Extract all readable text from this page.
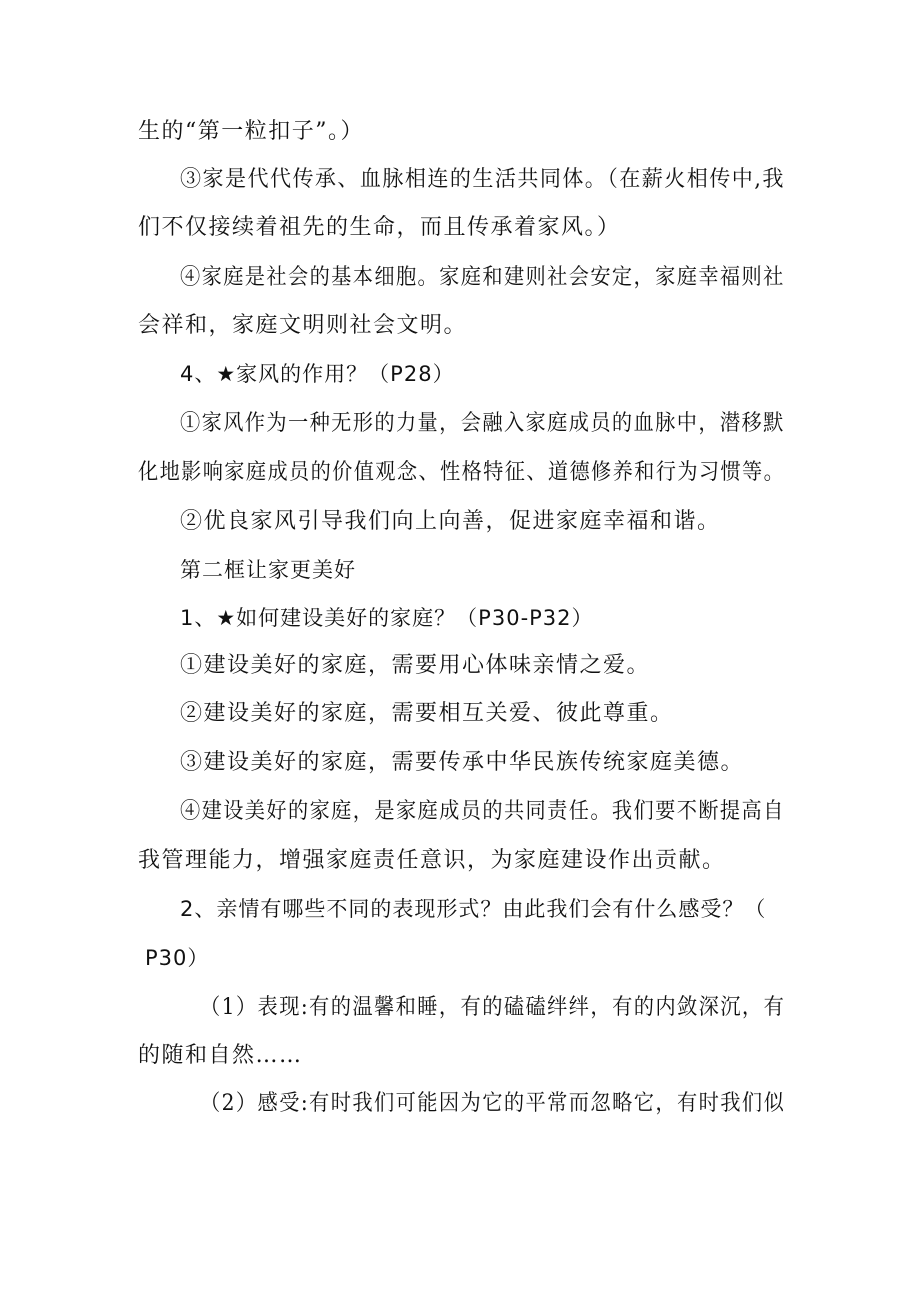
生的“第一粒扣子”。）
③家是代代传承、血脉相连的生活共同体。（在薪火相传中,我
们不仅接续着祖先的生命，而且传承着家风。）
④家庭是社会的基本细胞。家庭和建则社会安定，家庭幸福则社
会祥和，家庭文明则社会文明。
4、★家风的作用？（P28）
①家风作为一种无形的力量，会融入家庭成员的血脉中，潜移默
化地影响家庭成员的价值观念、性格特征、道德修养和行为习惯等。
②优良家风引导我们向上向善，促进家庭幸福和谐。
第二框让家更美好
1、★如何建设美好的家庭？（P30-P32）
①建设美好的家庭，需要用心体味亲情之爱。
②建设美好的家庭，需要相互关爱、彼此尊重。
③建设美好的家庭，需要传承中华民族传统家庭美德。
④建设美好的家庭，是家庭成员的共同责任。我们要不断提高自
我管理能力，增强家庭责任意识，为家庭建设作出贡献。
2、亲情有哪些不同的表现形式？由此我们会有什么感受？（
P30）
（1）表现:有的温馨和睡，有的磕磕绊绊，有的内敛深沉，有
的随和自然……
（2）感受:有时我们可能因为它的平常而忽略它，有时我们似
